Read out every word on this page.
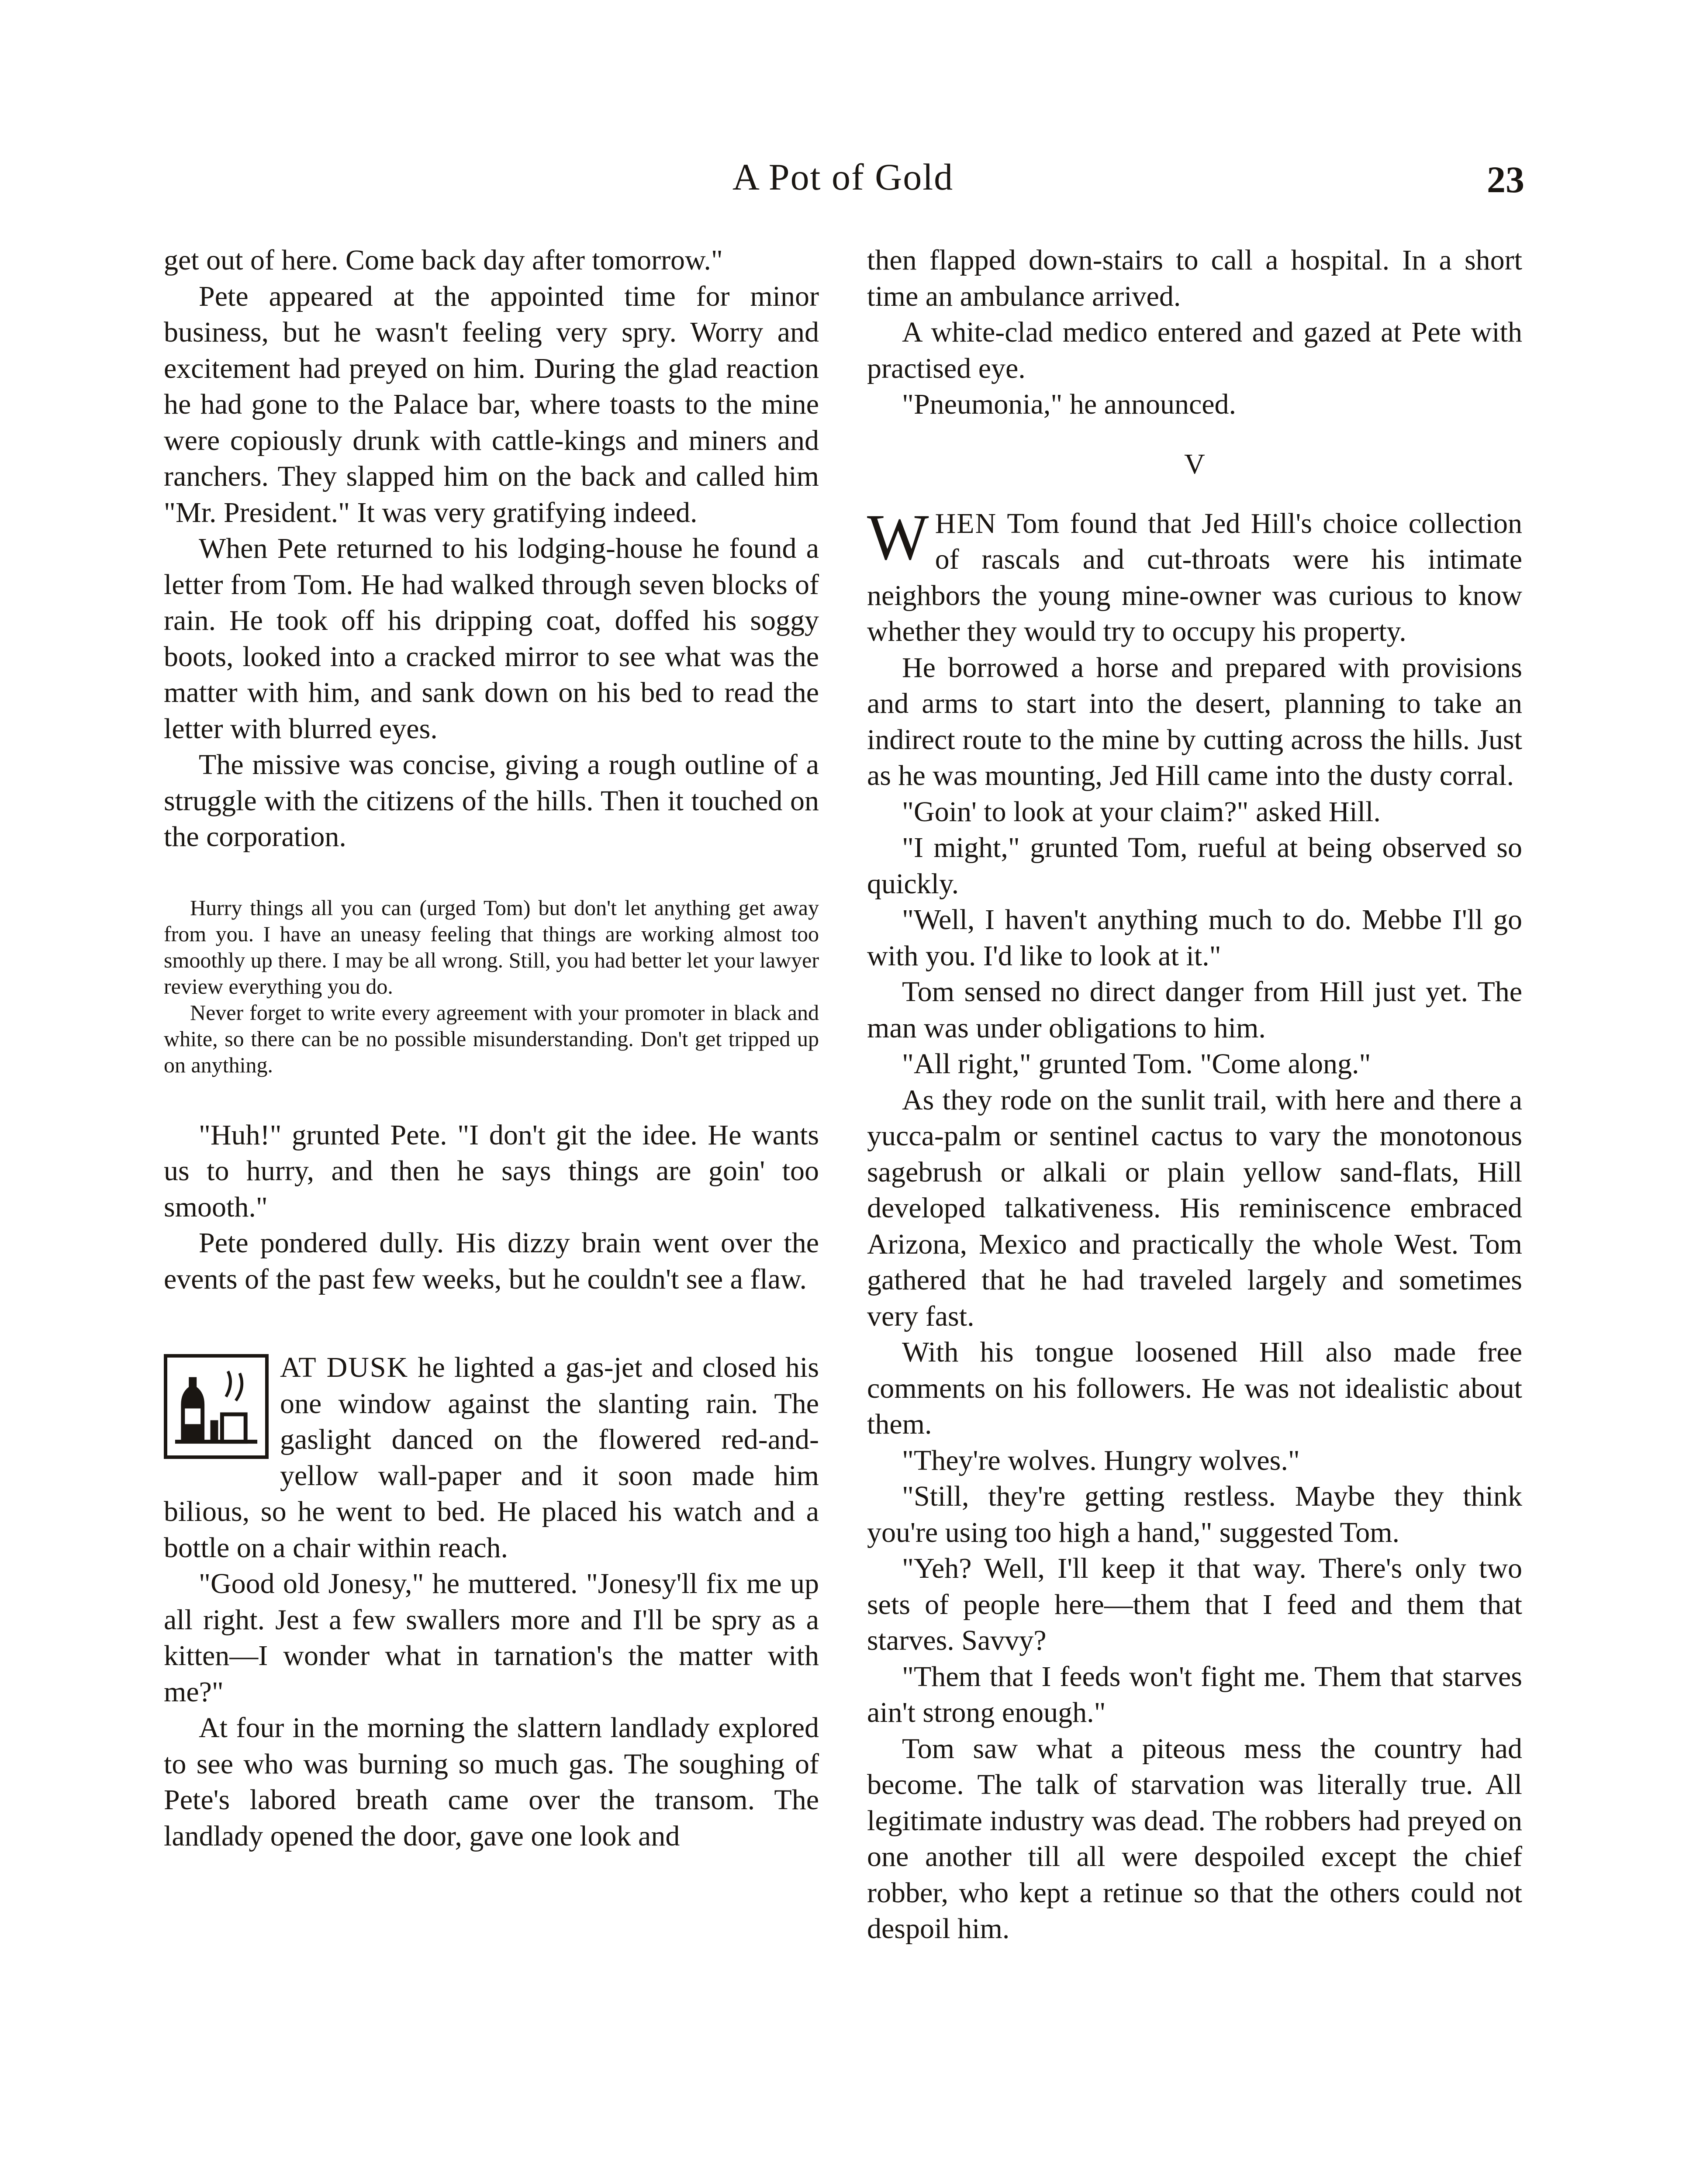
A Pot of Gold	23

get out of here. Come back day after tomorrow."

Pete appeared at the appointed time for minor business, but he wasn't feeling very spry. Worry and excitement had preyed on him. During the glad reaction he had gone to the Palace bar, where toasts to the mine were copiously drunk with cattle-kings and miners and ranchers. They slapped him on the back and called him "Mr. President." It was very gratifying indeed.

When Pete returned to his lodging-house he found a letter from Tom. He had walked through seven blocks of rain. He took off his dripping coat, doffed his soggy boots, looked into a cracked mirror to see what was the matter with him, and sank down on his bed to read the letter with blurred eyes.

The missive was concise, giving a rough outline of a struggle with the citizens of the hills. Then it touched on the corporation.

Hurry things all you can (urged Tom) but don't let anything get away from you. I have an uneasy feeling that things are working almost too smoothly up there. I may be all wrong. Still, you had better let your lawyer review everything you do.

Never forget to write every agreement with your promoter in black and white, so there can be no possible misunderstanding. Don't get tripped up on anything.

"Huh!" grunted Pete. "I don't git the idee. He wants us to hurry, and then he says things are goin' too smooth."

Pete pondered dully. His dizzy brain went over the events of the past few weeks, but he couldn't see a flaw.

AT DUSK he lighted a gas-jet and closed his one window against the slanting rain. The gaslight danced on the flowered red-and-yellow wall-paper and it soon made him bilious, so he went to bed. He placed his watch and a bottle on a chair within reach.

"Good old Jonesy," he muttered. "Jonesy'll fix me up all right. Jest a few swallers more and I'll be spry as a kitten—I wonder what in tarnation's the matter with me?"

At four in the morning the slattern landlady explored to see who was burning so much gas. The soughing of Pete's labored breath came over the transom. The landlady opened the door, gave one look and

then flapped down-stairs to call a hospital. In a short time an ambulance arrived.

A white-clad medico entered and gazed at Pete with practised eye.

"Pneumonia," he announced.

V

WHEN Tom found that Jed Hill's choice collection of rascals and cut-throats were his intimate neighbors the young mine-owner was curious to know whether they would try to occupy his property.

He borrowed a horse and prepared with provisions and arms to start into the desert, planning to take an indirect route to the mine by cutting across the hills. Just as he was mounting, Jed Hill came into the dusty corral.

"Goin' to look at your claim?" asked Hill.

"I might," grunted Tom, rueful at being observed so quickly.

"Well, I haven't anything much to do. Mebbe I'll go with you. I'd like to look at it."

Tom sensed no direct danger from Hill just yet. The man was under obligations to him.

"All right," grunted Tom. "Come along."

As they rode on the sunlit trail, with here and there a yucca-palm or sentinel cactus to vary the monotonous sagebrush or alkali or plain yellow sand-flats, Hill developed talkativeness. His reminiscence embraced Arizona, Mexico and practically the whole West. Tom gathered that he had traveled largely and sometimes very fast.

With his tongue loosened Hill also made free comments on his followers. He was not idealistic about them.

"They're wolves. Hungry wolves."

"Still, they're getting restless. Maybe they think you're using too high a hand," suggested Tom.

"Yeh? Well, I'll keep it that way. There's only two sets of people here—them that I feed and them that starves. Savvy?

"Them that I feeds won't fight me. Them that starves ain't strong enough."

Tom saw what a piteous mess the country had become. The talk of starvation was literally true. All legitimate industry was dead. The robbers had preyed on one another till all were despoiled except the chief robber, who kept a retinue so that the others could not despoil him.
